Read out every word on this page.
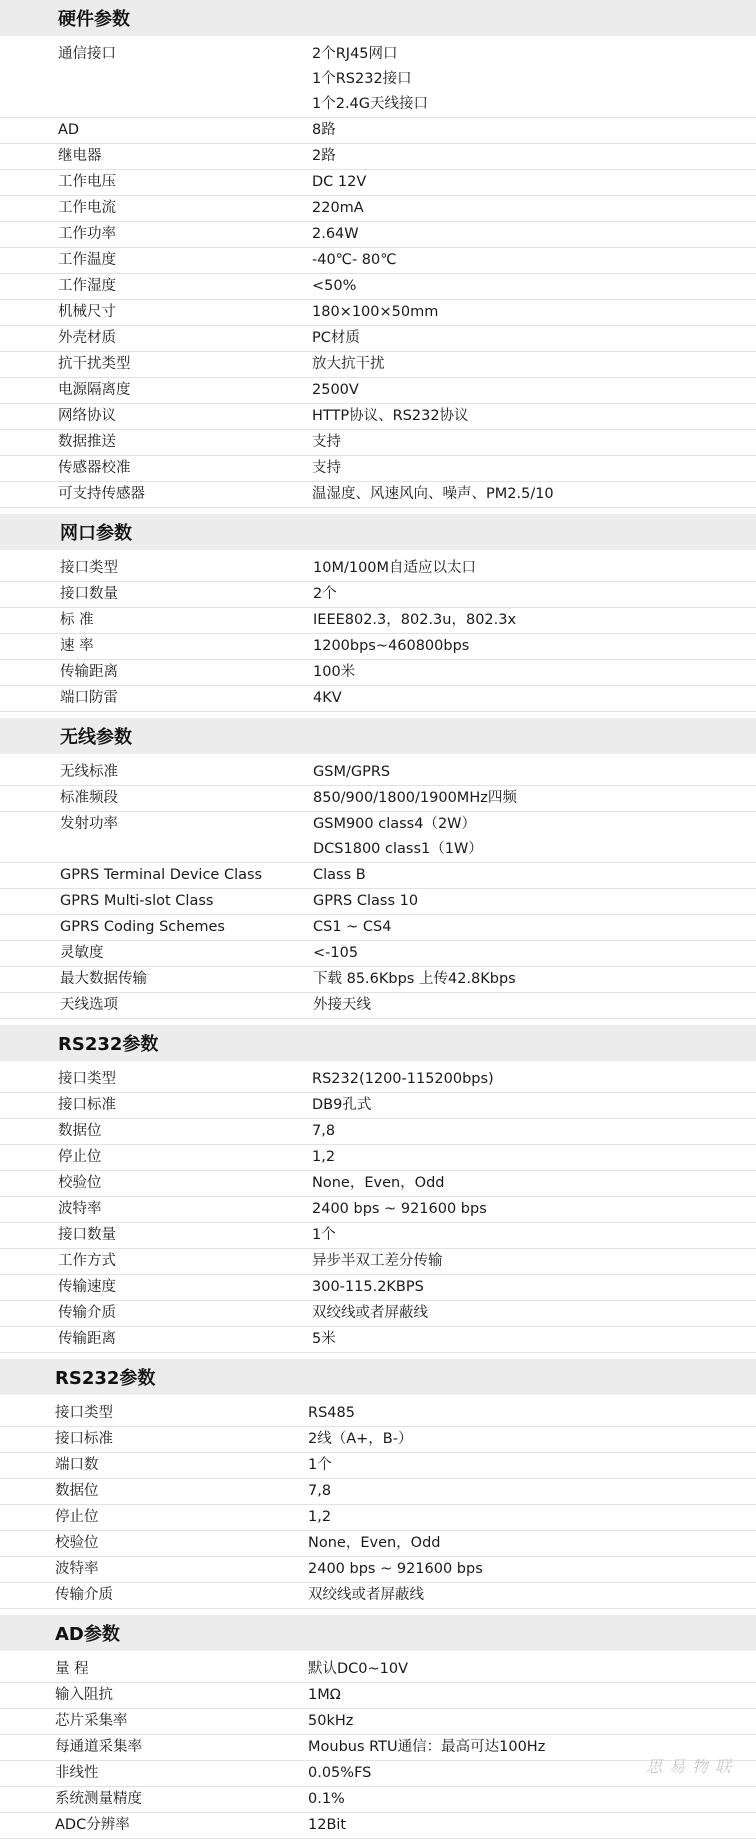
硬件参数
通信接口	2个RJ45网口
1个RS232接口
1个2.4G天线接口
AD	8路
继电器	2路
工作电压	DC 12V
工作电流	220mA
工作功率	2.64W
工作温度	-40℃- 80℃
工作湿度	<50%
机械尺寸	180×100×50mm
外壳材质	PC材质
抗干扰类型	放大抗干扰
电源隔离度	2500V
网络协议	HTTP协议、RS232协议
数据推送	支持
传感器校准	支持
可支持传感器	温湿度、风速风向、噪声、PM2.5/10
网口参数
接口类型	10M/100M自适应以太口
接口数量	2个
标 准	IEEE802.3，802.3u，802.3x
速 率	1200bps~460800bps
传输距离	100米
端口防雷	4KV
无线参数
无线标准	GSM/GPRS
标准频段	850/900/1800/1900MHz四频
发射功率	GSM900 class4（2W）
DCS1800 class1（1W）
GPRS Terminal Device Class	Class B
GPRS Multi-slot Class	GPRS Class 10
GPRS Coding Schemes	CS1 ~ CS4
灵敏度	<-105
最大数据传输	下载 85.6Kbps 上传42.8Kbps
天线选项	外接天线
RS232参数
接口类型	RS232(1200-115200bps)
接口标准	DB9孔式
数据位	7,8
停止位	1,2
校验位	None，Even，Odd
波特率	2400 bps ~ 921600 bps
接口数量	1个
工作方式	异步半双工差分传输
传输速度	300-115.2KBPS
传输介质	双绞线或者屏蔽线
传输距离	5米
RS232参数
接口类型	RS485
接口标准	2线（A+，B-）
端口数	1个
数据位	7,8
停止位	1,2
校验位	None，Even，Odd
波特率	2400 bps ~ 921600 bps
传输介质	双绞线或者屏蔽线
AD参数
量 程	默认DC0~10V
输入阻抗	1MΩ
芯片采集率	50kHz
每通道采集率	Moubus RTU通信：最高可达100Hz
非线性	0.05%FS
系统测量精度	0.1%
ADC分辨率	12Bit
思易物联
